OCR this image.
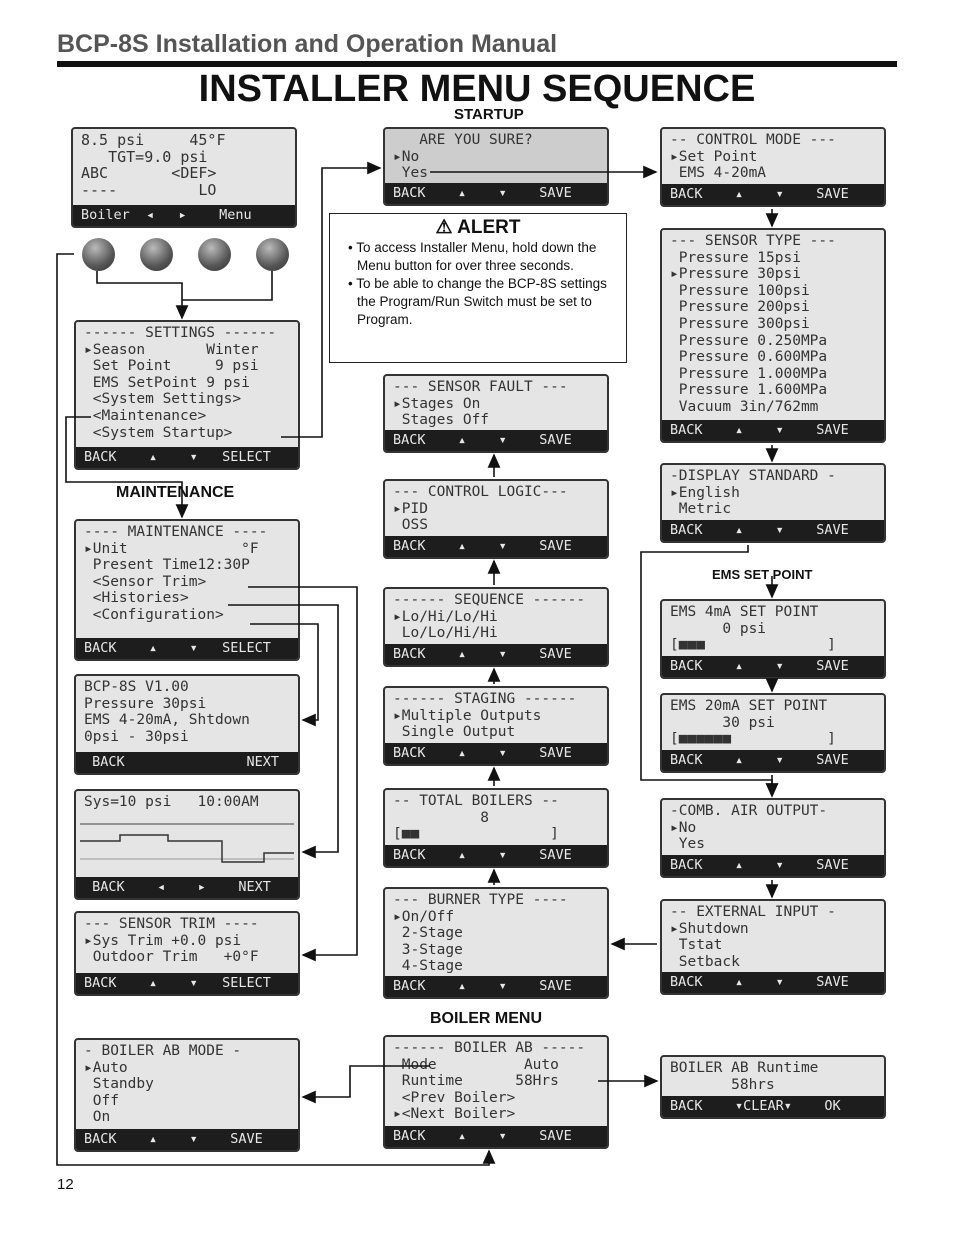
BCP-8S Installation and Operation Manual
INSTALLER MENU SEQUENCE
STARTUP
MAINTENANCE
EMS SET POINT
BOILER MENU
12
⚠ ALERT
• To access Installer Menu, hold down the Menu button for over three seconds.
• To be able to change the BCP-8S settings the Program/Run Switch must be set to Program.
8.5 psi     45°F
TGT=9.0 psi
ABC       <DEF>
----         LO
Boiler  ◂   ▸    Menu
------ SETTINGS ------
▸Season       Winter
Set Point     9 psi
EMS SetPoint 9 psi
<System Settings>
<Maintenance>
<System Startup>
BACK    ▴    ▾   SELECT
---- MAINTENANCE ----
▸Unit             °F
Present Time12:30P
<Sensor Trim>
<Histories>
<Configuration>
BACK    ▴    ▾   SELECT
BCP-8S V1.00
Pressure 30psi
EMS 4-20mA, Shtdown
0psi - 30psi
BACK               NEXT
Sys=10 psi   10:00AM
BACK    ◂    ▸    NEXT
--- SENSOR TRIM ----
▸Sys Trim +0.0 psi
Outdoor Trim   +0°F
BACK    ▴    ▾   SELECT
- BOILER AB MODE -
▸Auto
Standby
Off
On
BACK    ▴    ▾    SAVE
ARE YOU SURE?
▸No
Yes
BACK    ▴    ▾    SAVE
--- SENSOR FAULT ---
▸Stages On
Stages Off
BACK    ▴    ▾    SAVE
--- CONTROL LOGIC---
▸PID
OSS
BACK    ▴    ▾    SAVE
------ SEQUENCE ------
▸Lo/Hi/Lo/Hi
Lo/Lo/Hi/Hi
BACK    ▴    ▾    SAVE
------ STAGING ------
▸Multiple Outputs
Single Output
BACK    ▴    ▾    SAVE
-- TOTAL BOILERS --
8
[■■               ]
BACK    ▴    ▾    SAVE
--- BURNER TYPE ----
▸On/Off
2-Stage
3-Stage
4-Stage
BACK    ▴    ▾    SAVE
------ BOILER AB -----
Mode          Auto
Runtime      58Hrs
<Prev Boiler>
▸<Next Boiler>
BACK    ▴    ▾    SAVE
-- CONTROL MODE ---
▸Set Point
EMS 4-20mA
BACK    ▴    ▾    SAVE
--- SENSOR TYPE ---
Pressure 15psi
▸Pressure 30psi
Pressure 100psi
Pressure 200psi
Pressure 300psi
Pressure 0.250MPa
Pressure 0.600MPa
Pressure 1.000MPa
Pressure 1.600MPa
Vacuum 3in/762mm
BACK    ▴    ▾    SAVE
-DISPLAY STANDARD -
▸English
Metric
BACK    ▴    ▾    SAVE
EMS 4mA SET POINT
0 psi
[■■■              ]
BACK    ▴    ▾    SAVE
EMS 20mA SET POINT
30 psi
[■■■■■■           ]
BACK    ▴    ▾    SAVE
-COMB. AIR OUTPUT-
▸No
Yes
BACK    ▴    ▾    SAVE
-- EXTERNAL INPUT -
▸Shutdown
Tstat
Setback
BACK    ▴    ▾    SAVE
BOILER AB Runtime
58hrs
BACK    ▾CLEAR▾    OK
